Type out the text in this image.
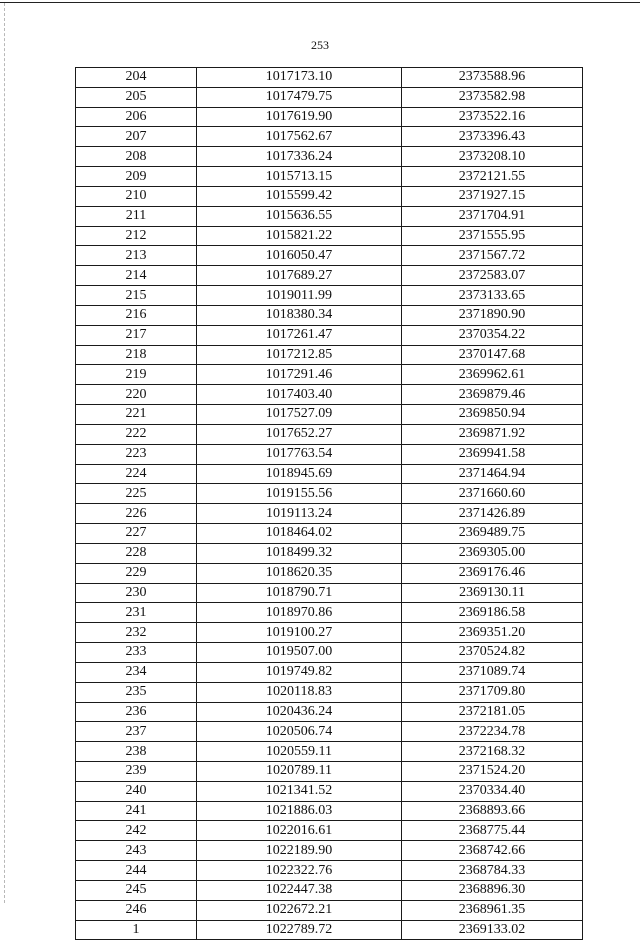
253
204	1017173.10	2373588.96
205	1017479.75	2373582.98
206	1017619.90	2373522.16
207	1017562.67	2373396.43
208	1017336.24	2373208.10
209	1015713.15	2372121.55
210	1015599.42	2371927.15
211	1015636.55	2371704.91
212	1015821.22	2371555.95
213	1016050.47	2371567.72
214	1017689.27	2372583.07
215	1019011.99	2373133.65
216	1018380.34	2371890.90
217	1017261.47	2370354.22
218	1017212.85	2370147.68
219	1017291.46	2369962.61
220	1017403.40	2369879.46
221	1017527.09	2369850.94
222	1017652.27	2369871.92
223	1017763.54	2369941.58
224	1018945.69	2371464.94
225	1019155.56	2371660.60
226	1019113.24	2371426.89
227	1018464.02	2369489.75
228	1018499.32	2369305.00
229	1018620.35	2369176.46
230	1018790.71	2369130.11
231	1018970.86	2369186.58
232	1019100.27	2369351.20
233	1019507.00	2370524.82
234	1019749.82	2371089.74
235	1020118.83	2371709.80
236	1020436.24	2372181.05
237	1020506.74	2372234.78
238	1020559.11	2372168.32
239	1020789.11	2371524.20
240	1021341.52	2370334.40
241	1021886.03	2368893.66
242	1022016.61	2368775.44
243	1022189.90	2368742.66
244	1022322.76	2368784.33
245	1022447.38	2368896.30
246	1022672.21	2368961.35
1	1022789.72	2369133.02
